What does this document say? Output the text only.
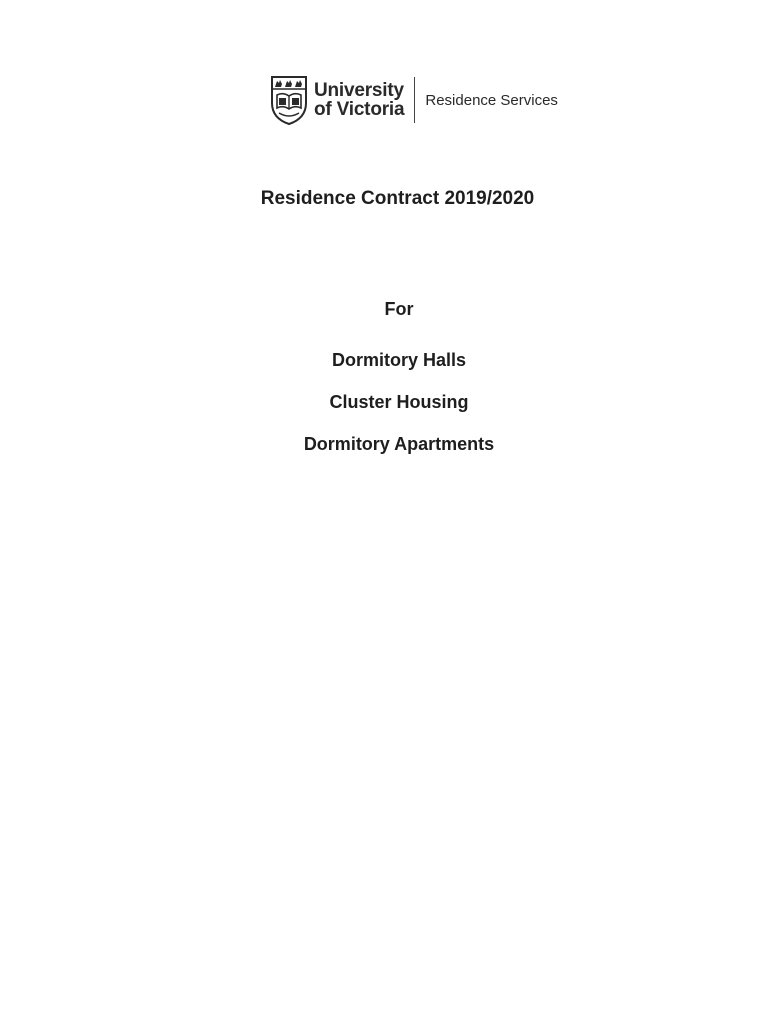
University
of Victoria Residence Services
Residence Contract 2019/2020

For

Dormitory Halls

Cluster Housing

Dormitory Apartments
